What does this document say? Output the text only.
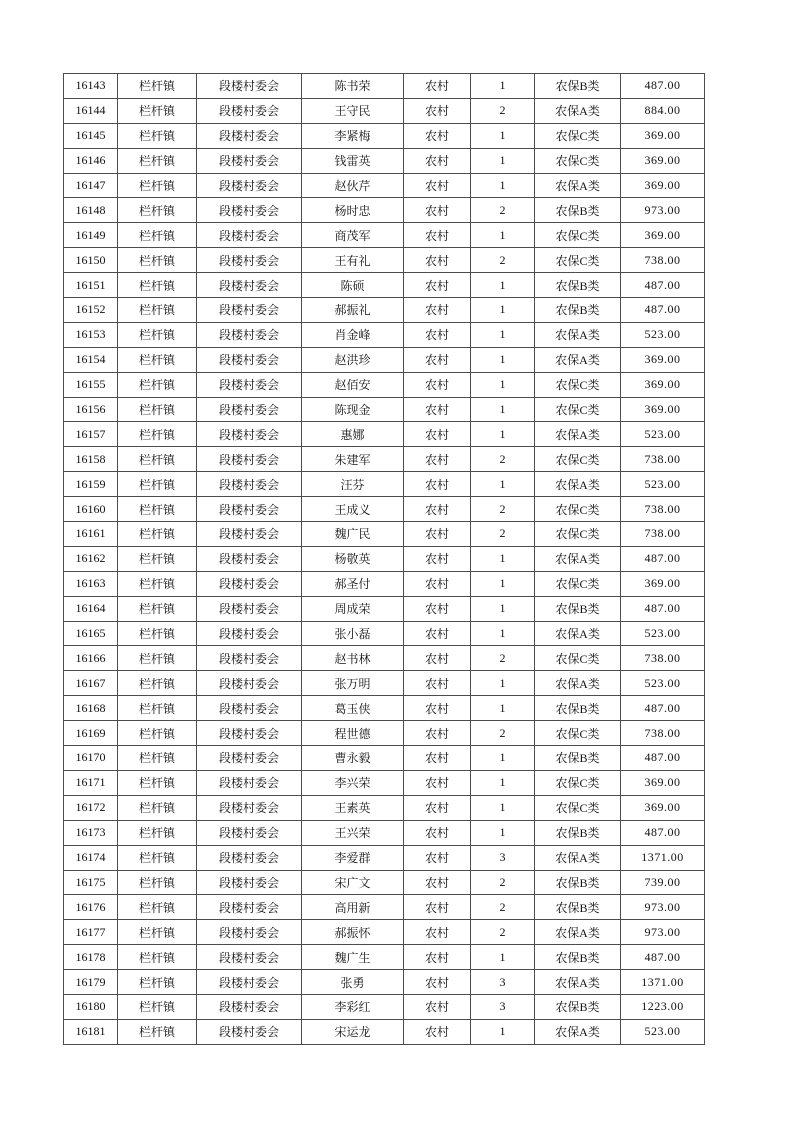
16143	栏杆镇	段楼村委会	陈书荣	农村	1	农保B类	487.00
16144	栏杆镇	段楼村委会	王守民	农村	2	农保A类	884.00
16145	栏杆镇	段楼村委会	李紧梅	农村	1	农保C类	369.00
16146	栏杆镇	段楼村委会	钱雷英	农村	1	农保C类	369.00
16147	栏杆镇	段楼村委会	赵伙芹	农村	1	农保A类	369.00
16148	栏杆镇	段楼村委会	杨时忠	农村	2	农保B类	973.00
16149	栏杆镇	段楼村委会	商茂军	农村	1	农保C类	369.00
16150	栏杆镇	段楼村委会	王有礼	农村	2	农保C类	738.00
16151	栏杆镇	段楼村委会	陈硕	农村	1	农保B类	487.00
16152	栏杆镇	段楼村委会	郝振礼	农村	1	农保B类	487.00
16153	栏杆镇	段楼村委会	肖金峰	农村	1	农保A类	523.00
16154	栏杆镇	段楼村委会	赵洪珍	农村	1	农保A类	369.00
16155	栏杆镇	段楼村委会	赵佰安	农村	1	农保C类	369.00
16156	栏杆镇	段楼村委会	陈现金	农村	1	农保C类	369.00
16157	栏杆镇	段楼村委会	惠娜	农村	1	农保A类	523.00
16158	栏杆镇	段楼村委会	朱建军	农村	2	农保C类	738.00
16159	栏杆镇	段楼村委会	汪芬	农村	1	农保A类	523.00
16160	栏杆镇	段楼村委会	王成义	农村	2	农保C类	738.00
16161	栏杆镇	段楼村委会	魏广民	农村	2	农保C类	738.00
16162	栏杆镇	段楼村委会	杨敬英	农村	1	农保A类	487.00
16163	栏杆镇	段楼村委会	郝圣付	农村	1	农保C类	369.00
16164	栏杆镇	段楼村委会	周成荣	农村	1	农保B类	487.00
16165	栏杆镇	段楼村委会	张小磊	农村	1	农保A类	523.00
16166	栏杆镇	段楼村委会	赵书林	农村	2	农保C类	738.00
16167	栏杆镇	段楼村委会	张万明	农村	1	农保A类	523.00
16168	栏杆镇	段楼村委会	葛玉侠	农村	1	农保B类	487.00
16169	栏杆镇	段楼村委会	程世德	农村	2	农保C类	738.00
16170	栏杆镇	段楼村委会	曹永毅	农村	1	农保B类	487.00
16171	栏杆镇	段楼村委会	李兴荣	农村	1	农保C类	369.00
16172	栏杆镇	段楼村委会	王素英	农村	1	农保C类	369.00
16173	栏杆镇	段楼村委会	王兴荣	农村	1	农保B类	487.00
16174	栏杆镇	段楼村委会	李爱群	农村	3	农保A类	1371.00
16175	栏杆镇	段楼村委会	宋广文	农村	2	农保B类	739.00
16176	栏杆镇	段楼村委会	高用新	农村	2	农保B类	973.00
16177	栏杆镇	段楼村委会	郝振怀	农村	2	农保A类	973.00
16178	栏杆镇	段楼村委会	魏广生	农村	1	农保B类	487.00
16179	栏杆镇	段楼村委会	张勇	农村	3	农保A类	1371.00
16180	栏杆镇	段楼村委会	李彩红	农村	3	农保B类	1223.00
16181	栏杆镇	段楼村委会	宋运龙	农村	1	农保A类	523.00
